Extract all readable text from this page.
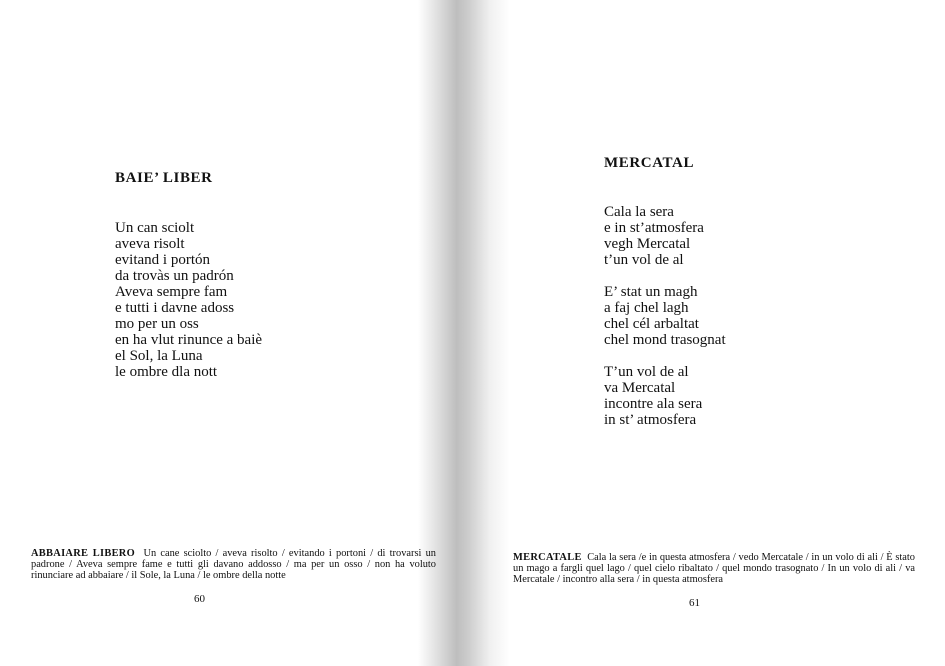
BAIE’ LIBER
Un can sciolt
aveva risolt
evitand i portón
da trovàs un padrón
Aveva sempre fam
e tutti i davne adoss
mo per un oss
en ha vlut rinunce a baiè
el Sol, la Luna
le ombre dla nott

ABBAIARE LIBERO Un cane sciolto / aveva risolto / evitando i portoni / di trovarsi un padrone / Aveva sempre fame e tutti gli davano addosso / ma per un osso / non ha voluto rinunciare ad abbaiare / il Sole, la Luna / le ombre della notte

60

MERCATAL
Cala la sera
e in st’atmosfera
vegh Mercatal
t’un vol de al
E’ stat un magh
a faj chel lagh
chel cél arbaltat
chel mond trasognat
T’un vol de al
va Mercatal
incontre ala sera
in st’ atmosfera

MERCATALE Cala la sera /e in questa atmosfera / vedo Mercatale / in un volo di ali / È stato un mago a fargli quel lago / quel cielo ribaltato / quel mondo trasognato / In un volo di ali / va Mercatale / incontro alla sera / in questa atmosfera

61
